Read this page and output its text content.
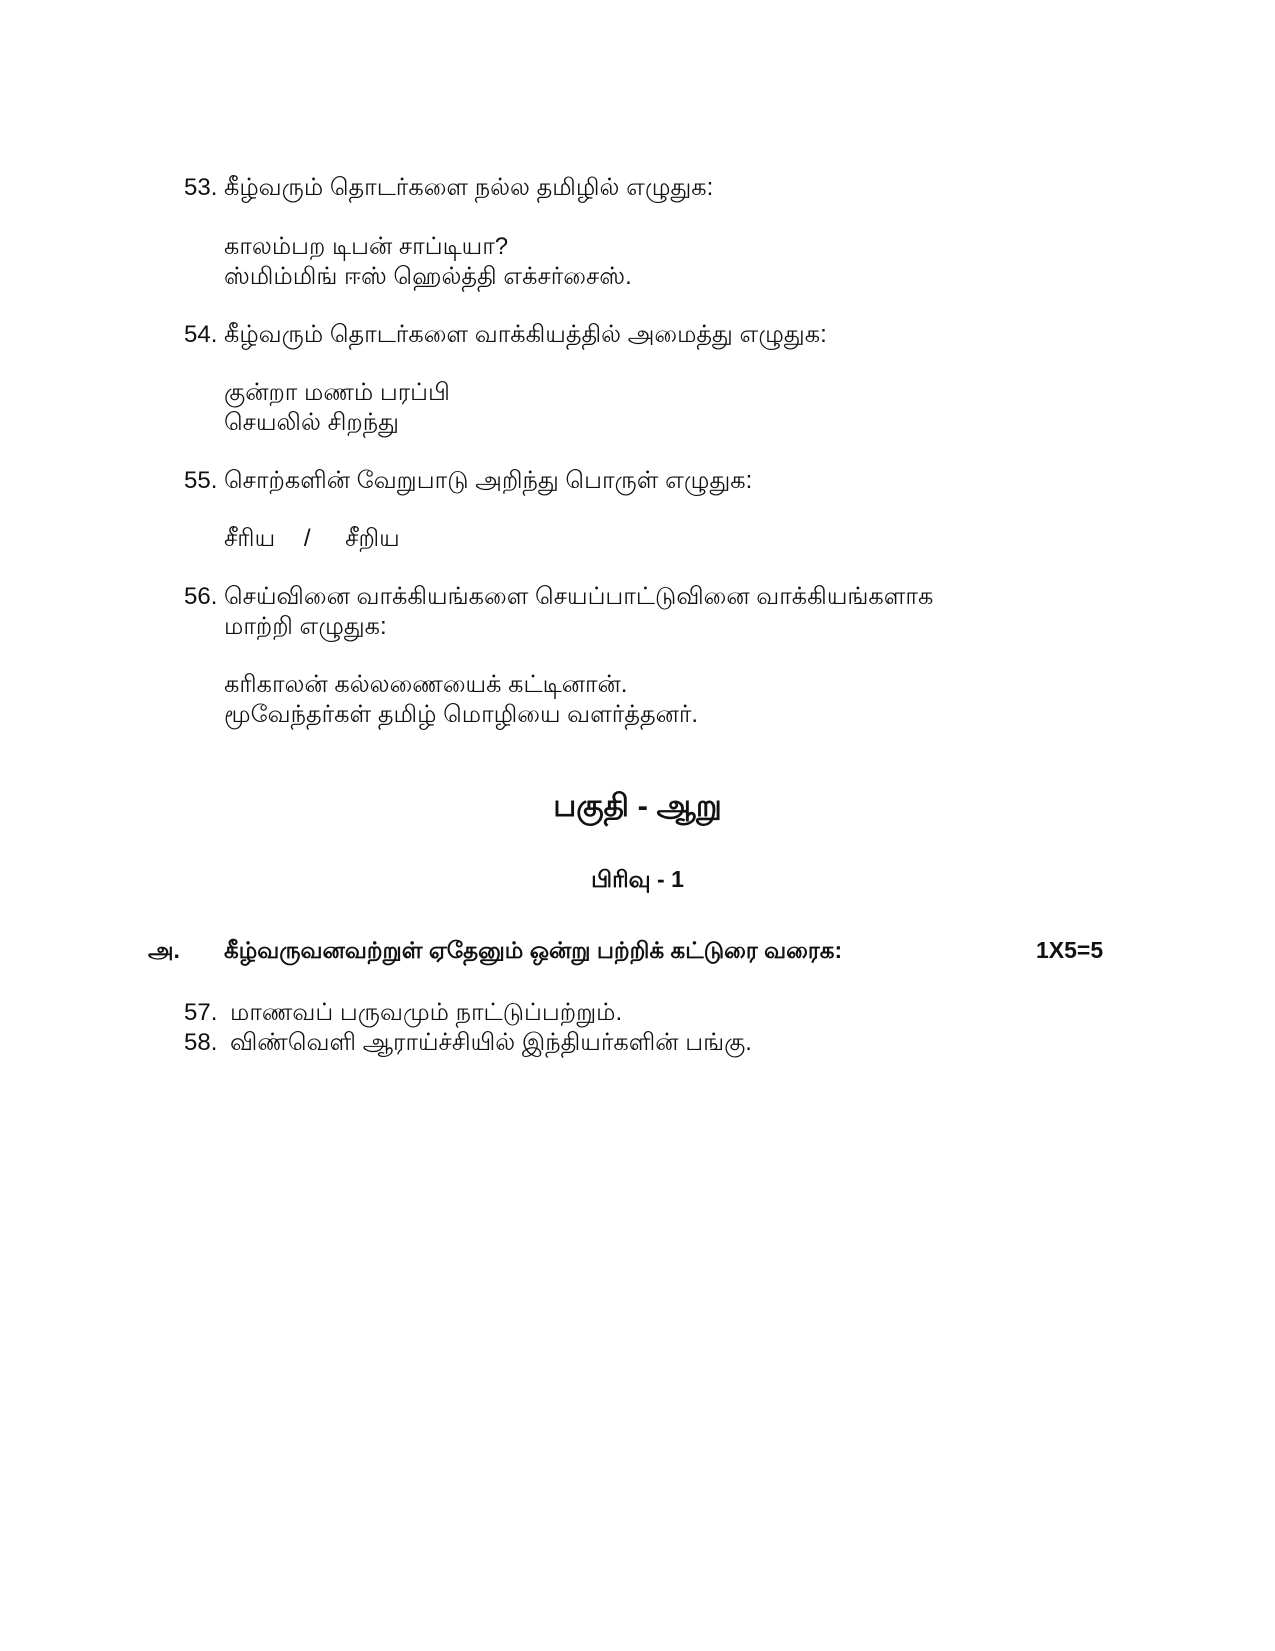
53. கீழ்வரும் தொடர்களை நல்ல தமிழில் எழுதுக:
காலம்பற டிபன் சாப்டியா?
ஸ்மிம்மிங் ஈஸ் ஹெல்த்தி எக்சர்சைஸ்.
54. கீழ்வரும் தொடர்களை வாக்கியத்தில் அமைத்து எழுதுக:
குன்றா மணம் பரப்பி
செயலில் சிறந்து
55. சொற்களின் வேறுபாடு அறிந்து பொருள் எழுதுக:
சீரிய / சீறிய
56. செய்வினை வாக்கியங்களை செயப்பாட்டுவினை வாக்கியங்களாக
மாற்றி எழுதுக:
கரிகாலன் கல்லணையைக் கட்டினான்.
மூவேந்தர்கள் தமிழ் மொழியை வளர்த்தனர்.
பகுதி - ஆறு
பிரிவு - 1
அ. கீழ்வருவனவற்றுள் ஏதேனும் ஒன்று பற்றிக் கட்டுரை வரைக:	1X5=5
57. மாணவப் பருவமும் நாட்டுப்பற்றும்.
58. விண்வெளி ஆராய்ச்சியில் இந்தியர்களின் பங்கு.
